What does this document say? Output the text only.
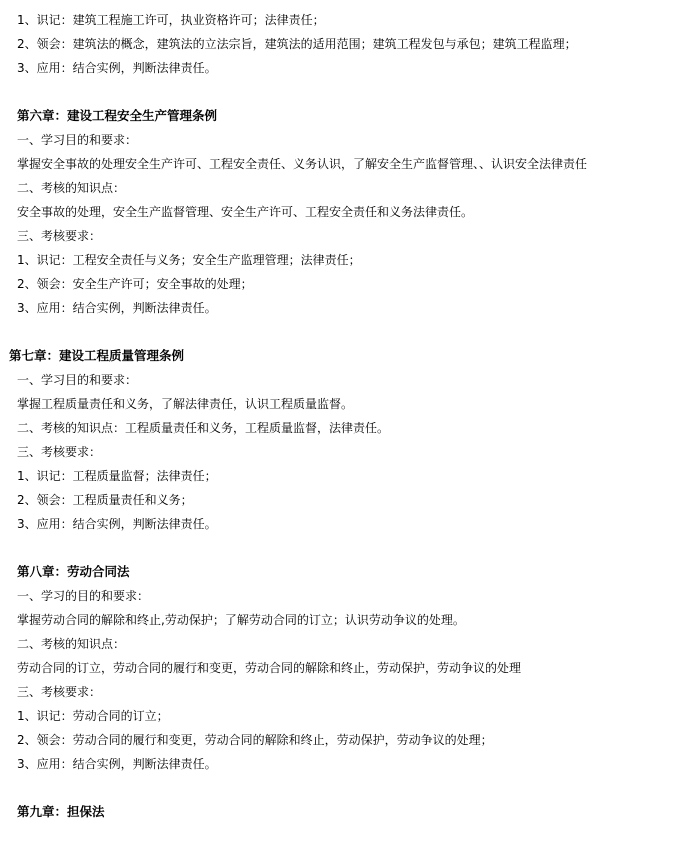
1、识记：建筑工程施工许可，执业资格许可；法律责任；
2、领会：建筑法的概念，建筑法的立法宗旨，建筑法的适用范围；建筑工程发包与承包；建筑工程监理；
3、应用：结合实例，判断法律责任。
第六章：建设工程安全生产管理条例
一、学习目的和要求：
掌握安全事故的处理安全生产许可、工程安全责任、义务认识，了解安全生产监督管理、、认识安全法律责任
二、考核的知识点：
安全事故的处理，安全生产监督管理、安全生产许可、工程安全责任和义务法律责任。
三、考核要求：
1、识记：工程安全责任与义务；安全生产监理管理；法律责任；
2、领会：安全生产许可；安全事故的处理；
3、应用：结合实例，判断法律责任。
第七章：建设工程质量管理条例
一、学习目的和要求：
掌握工程质量责任和义务，了解法律责任，认识工程质量监督。
二、考核的知识点：工程质量责任和义务，工程质量监督，法律责任。
三、考核要求：
1、识记：工程质量监督；法律责任；
2、领会：工程质量责任和义务；
3、应用：结合实例，判断法律责任。
第八章：劳动合同法
一、学习的目的和要求：
掌握劳动合同的解除和终止,劳动保护；了解劳动合同的订立；认识劳动争议的处理。
二、考核的知识点：
劳动合同的订立，劳动合同的履行和变更，劳动合同的解除和终止，劳动保护，劳动争议的处理
三、考核要求：
1、识记：劳动合同的订立；
2、领会：劳动合同的履行和变更，劳动合同的解除和终止，劳动保护，劳动争议的处理；
3、应用：结合实例，判断法律责任。
第九章：担保法
